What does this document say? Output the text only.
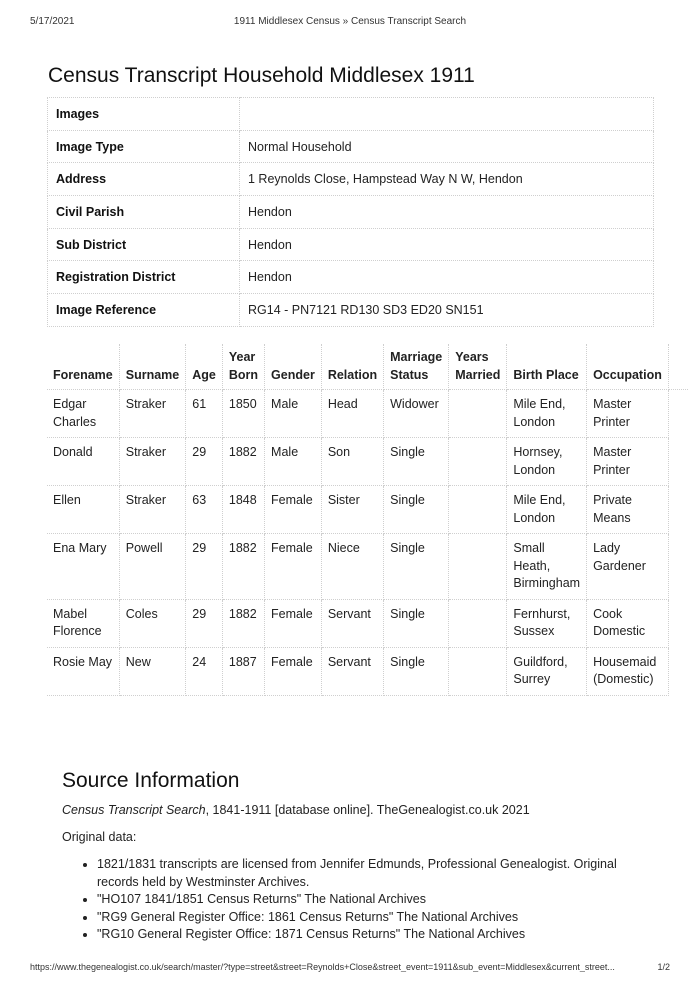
5/17/2021	1911 Middlesex Census » Census Transcript Search
Census Transcript Household Middlesex 1911
Images	
Image Type	Normal Household
Address	1 Reynolds Close, Hampstead Way N W, Hendon
Civil Parish	Hendon
Sub District	Hendon
Registration District	Hendon
Image Reference	RG14 - PN7121 RD130 SD3 ED20 SN151
Forename	Surname	Age	Year Born	Gender	Relation	Marriage Status	Years Married	Birth Place	Occupation	
Edgar Charles	Straker	61	1850	Male	Head	Widower		Mile End, London	Master Printer	
Donald	Straker	29	1882	Male	Son	Single		Hornsey, London	Master Printer	
Ellen	Straker	63	1848	Female	Sister	Single		Mile End, London	Private Means	
Ena Mary	Powell	29	1882	Female	Niece	Single		Small Heath, Birmingham	Lady Gardener	
Mabel Florence	Coles	29	1882	Female	Servant	Single		Fernhurst, Sussex	Cook Domestic	
Rosie May	New	24	1887	Female	Servant	Single		Guildford, Surrey	Housemaid (Domestic)	
Source Information

Census Transcript Search, 1841-1911 [database online]. TheGenealogist.co.uk 2021

Original data:

• 1821/1831 transcripts are licensed from Jennifer Edmunds, Professional Genealogist. Original records held by Westminster Archives.
• "HO107 1841/1851 Census Returns" The National Archives
• "RG9 General Register Office: 1861 Census Returns" The National Archives
• "RG10 General Register Office: 1871 Census Returns" The National Archives
https://www.thegenealogist.co.uk/search/master/?type=street&street=Reynolds+Close&street_event=1911&sub_event=Middlesex&current_street...	1/2
